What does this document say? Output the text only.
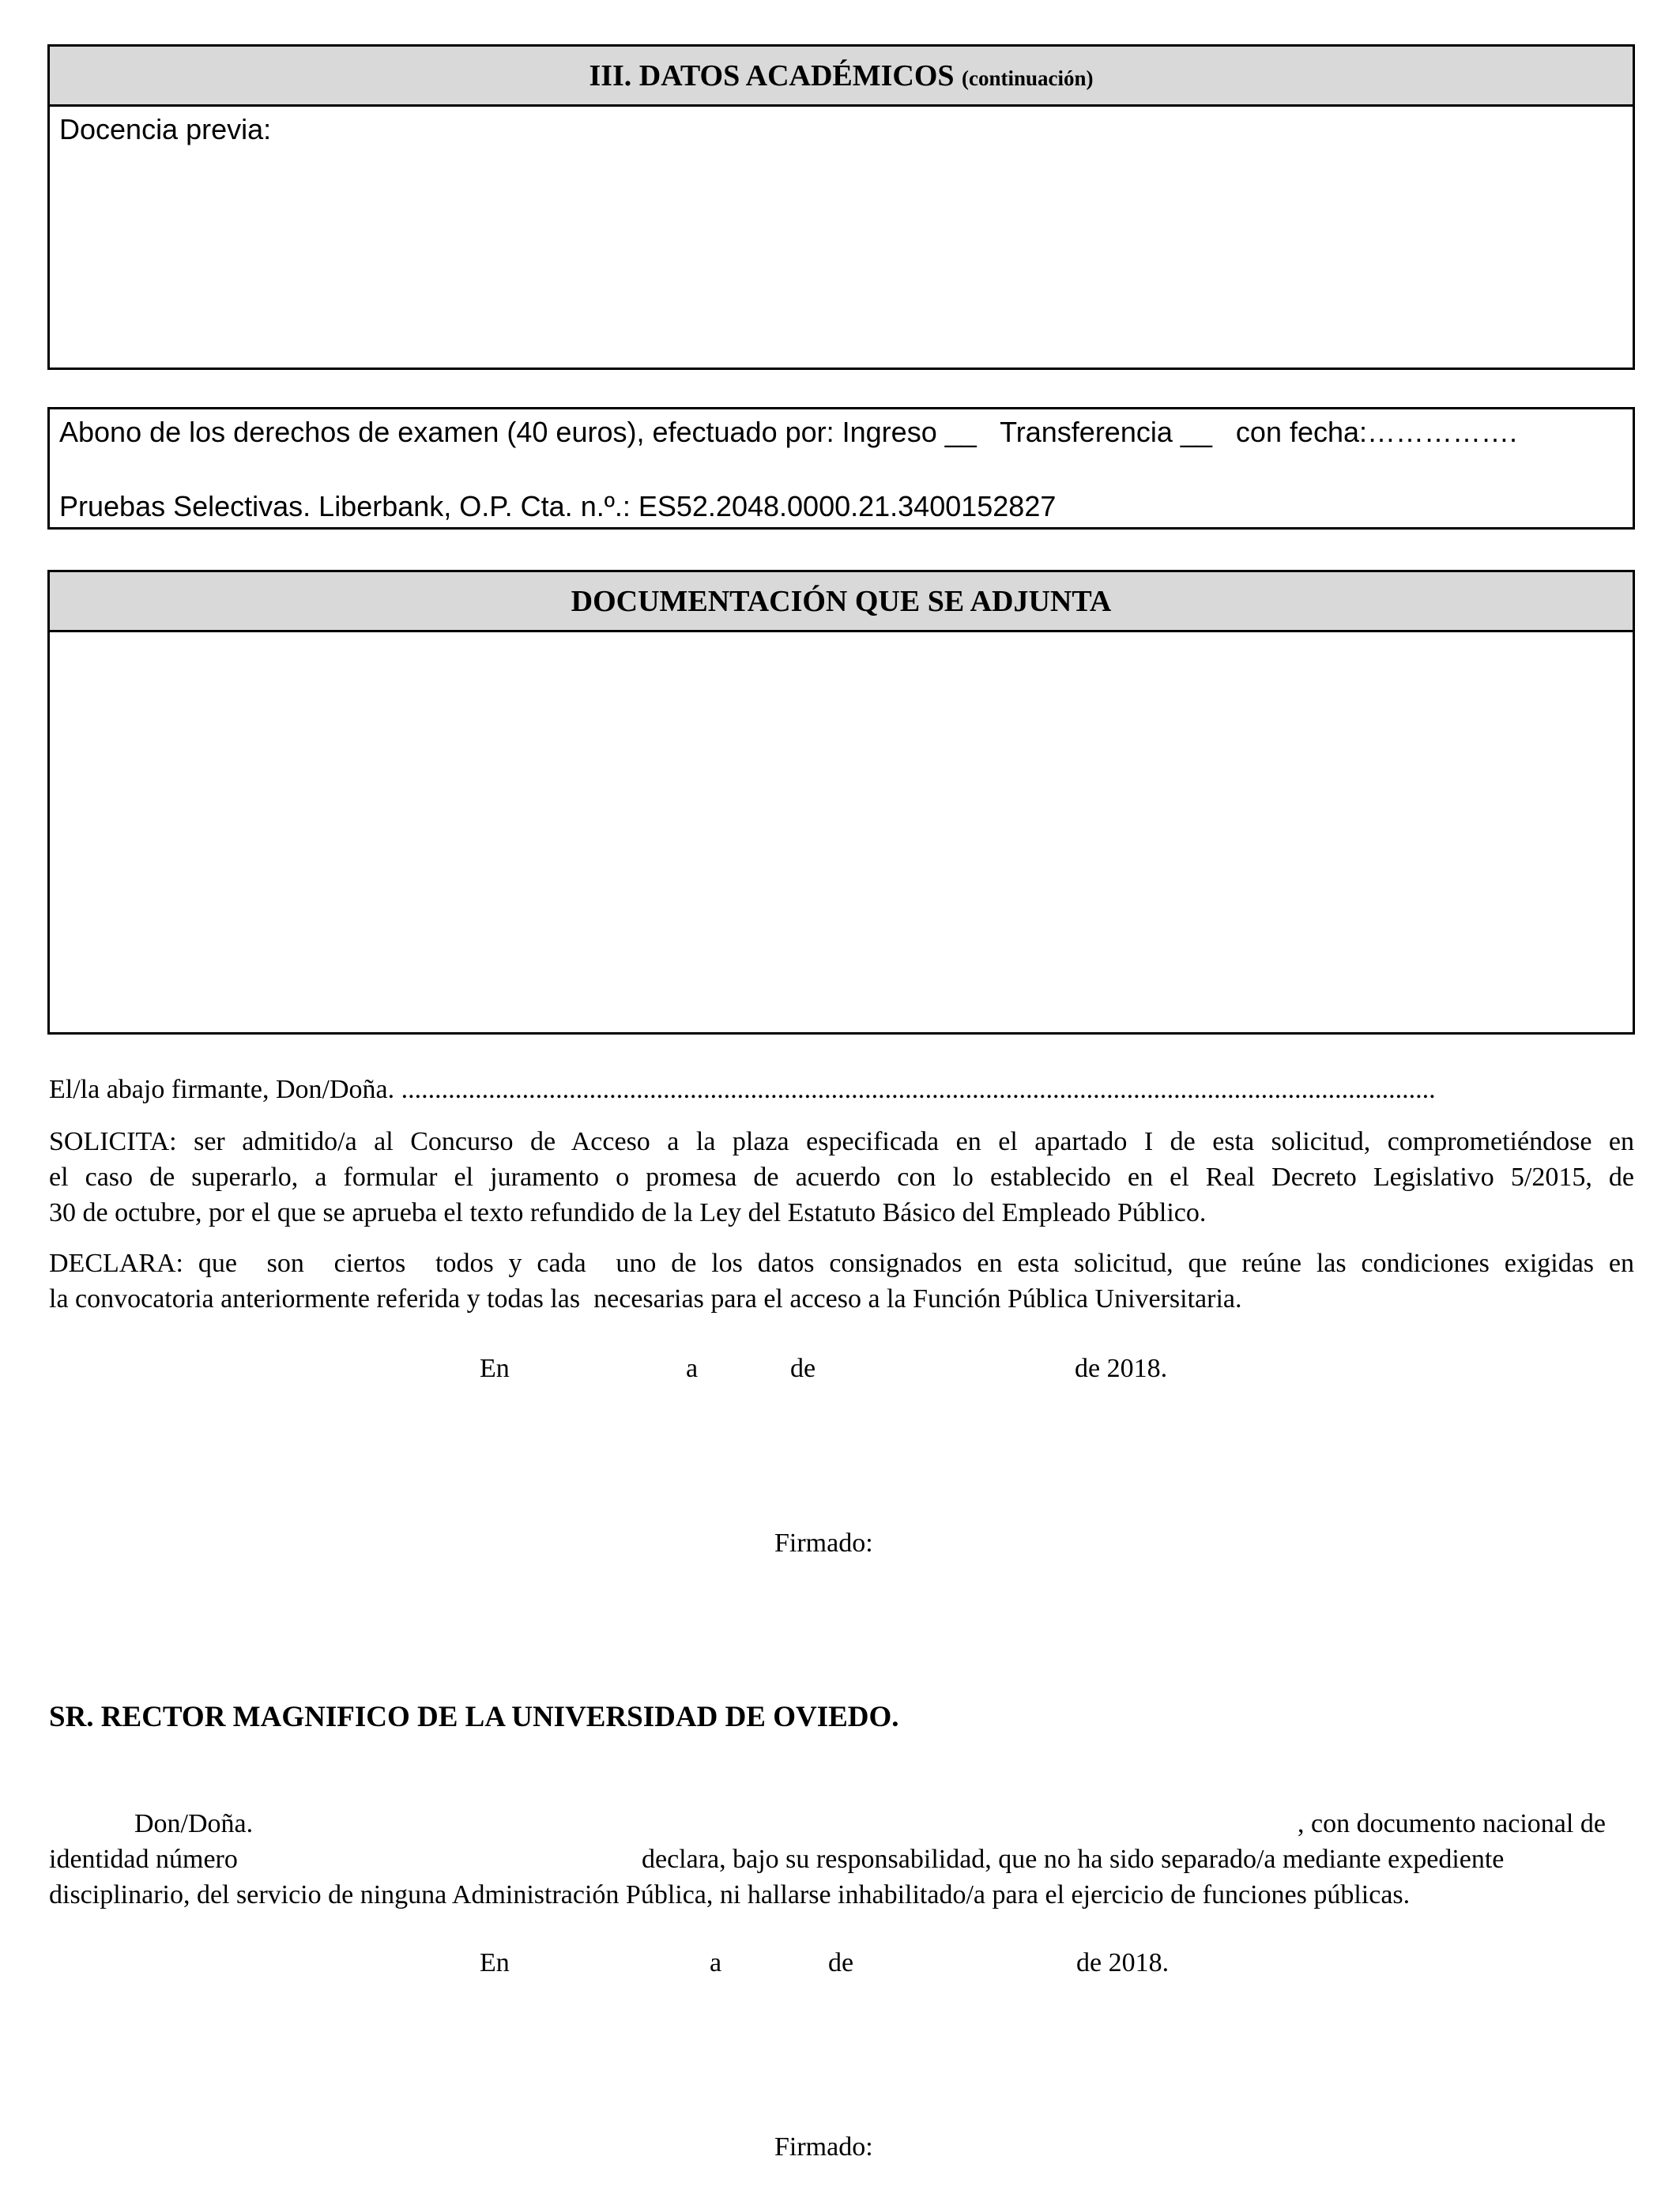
III. DATOS ACADÉMICOS (continuación)
Docencia previa:
Abono de los derechos de examen (40 euros), efectuado por: Ingreso __   Transferencia __   con fecha:…………….
Pruebas Selectivas. Liberbank, O.P. Cta. n.º.: ES52.2048.0000.21.3400152827
DOCUMENTACIÓN QUE SE ADJUNTA
El/la abajo firmante, Don/Doña. ..........................................................................................................................................................
SOLICITA: ser admitido/a al Concurso de Acceso a la plaza especificada en el apartado I de esta solicitud, comprometiéndose en
el caso de superarlo, a formular el juramento o promesa de acuerdo con lo establecido en el Real Decreto Legislativo 5/2015, de
30 de octubre, por el que se aprueba el texto refundido de la Ley del Estatuto Básico del Empleado Público.
DECLARA: que  son  ciertos  todos y cada  uno de los datos consignados en esta solicitud, que reúne las condiciones exigidas en
la convocatoria anteriormente referida y todas las  necesarias para el acceso a la Función Pública Universitaria.
En	a	de	de 2018.
Firmado:
SR. RECTOR MAGNIFICO DE LA UNIVERSIDAD DE OVIEDO.
Don/Doña.	, con documento nacional de
identidad número	declara, bajo su responsabilidad, que no ha sido separado/a mediante expediente
disciplinario, del servicio de ninguna Administración Pública, ni hallarse inhabilitado/a para el ejercicio de funciones públicas.
En	a	de	de 2018.
Firmado:
